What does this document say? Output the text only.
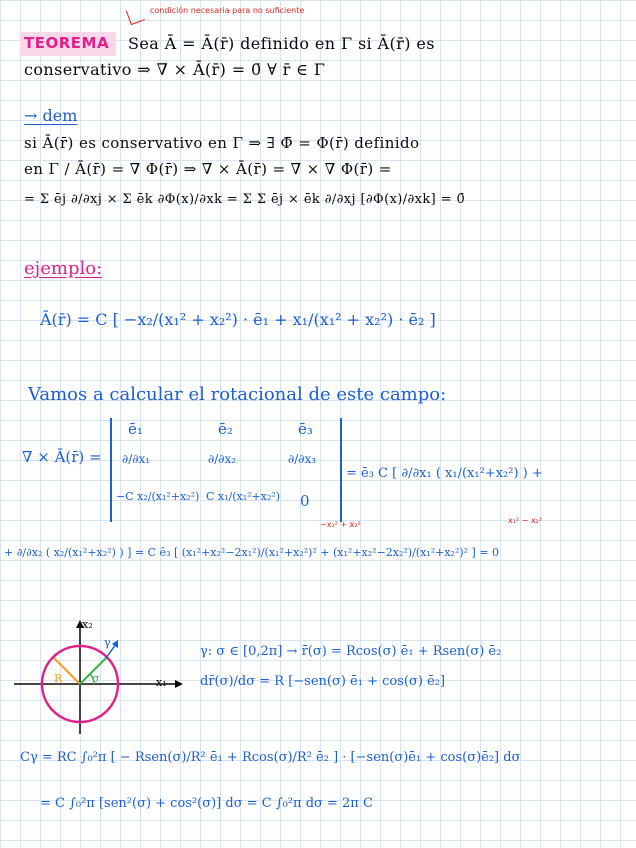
condición necesaria para no suficiente
TEOREMA Sea Ā = Ā(r̄) definido en Γ si Ā(r̄) es
conservativo ⇒ ∇̄ × Ā(r̄) = 0̄ ∀ r̄ ∈ Γ
→ dem
si Ā(r̄) es conservativo en Γ ⇒ ∃ Φ̄ = Φ(r̄) definido
en Γ / Ā(r̄) = ∇̄ Φ(r̄) ⇒ ∇̄ × Ā(r̄) = ∇̄ × ∇̄ Φ(r̄) =
= Σ ēj ∂/∂xj × Σ ēk ∂Φ(x)/∂xk = Σ Σ ēj × ēk ∂/∂xj [∂Φ(x)/∂xk] = 0̄
ejemplo:
Ā(r̄) = C [ −x₂/(x₁² + x₂²) · ē₁ + x₁/(x₁² + x₂²) · ē₂ ]
Vamos a calcular el rotacional de este campo:
∇̄ × Ā(r̄) =
ē₁	ē₂	ē₃
∂/∂x₁	∂/∂x₂	∂/∂x₃
−C x₂/(x₁²+x₂²) C x₁/(x₁²+x₂²) 0
= ē₃ C [ ∂/∂x₁ ( x₁/(x₁²+x₂²) ) +
−x₁² + x₂²	x₁² − x₂²
+ ∂/∂x₂ ( x₂/(x₁²+x₂²) ) ] = C ē₃ [ (x₁²+x₂²−2x₁²)/(x₁²+x₂²)² + (x₁²+x₂²−2x₂²)/(x₁²+x₂²)² ] = 0
x₂
x₁
R
γ
σ
γ: σ ∈ [0,2π] → r̄(σ) = Rcos(σ) ē₁ + Rsen(σ) ē₂
dr̄(σ)/dσ = R [−sen(σ) ē₁ + cos(σ) ē₂]
Cγ = RC ∫₀²π [ − Rsen(σ)/R² ē₁ + Rcos(σ)/R² ē₂ ] · [−sen(σ)ē₁ + cos(σ)ē₂] dσ
= C ∫₀²π [sen²(σ) + cos²(σ)] dσ = C ∫₀²π dσ = 2π C
